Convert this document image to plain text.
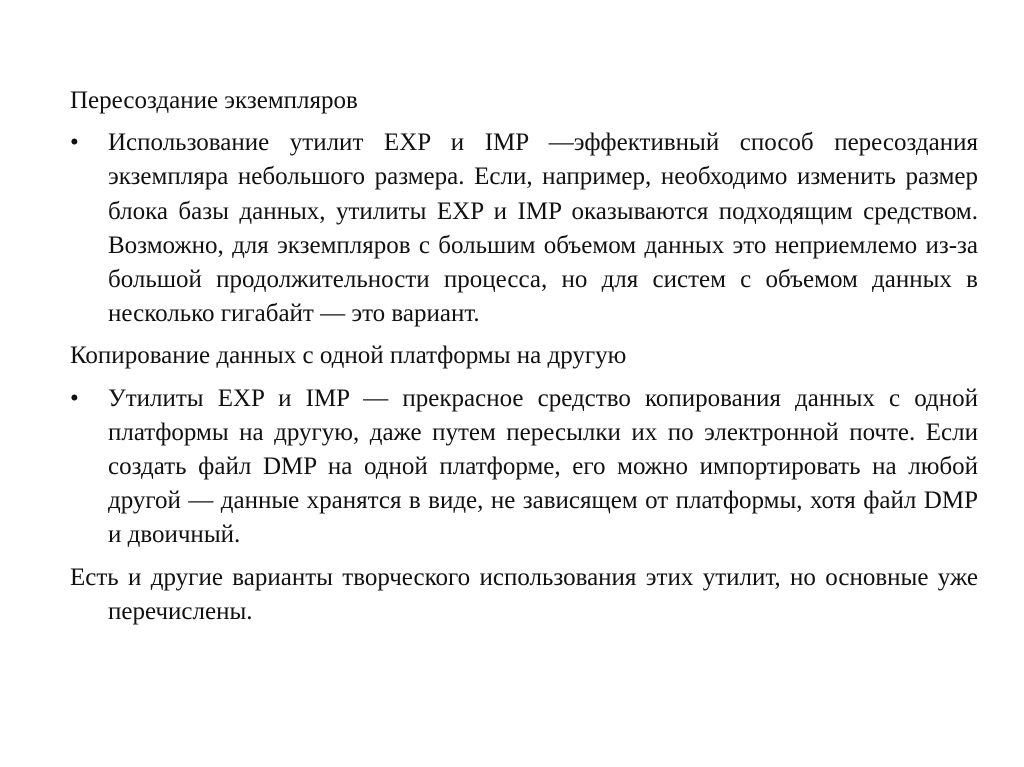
Пересоздание экземпляров

•	Использование утилит EXP и IMP —эффективный способ пересоздания экземпляра небольшого размера. Если, например, необходимо изменить размер блока базы данных, утилиты EXP и IMP оказываются подходящим средством. Возможно, для экземпляров с большим объемом данных это неприемлемо из-за большой продолжительности процесса, но для систем с объемом данных в несколько гигабайт — это вариант.

Копирование данных с одной платформы на другую

•	Утилиты EXP и IMP — прекрасное средство копирования данных с одной платформы на другую, даже путем пересылки их по электронной почте. Если создать файл DMP на одной платформе, его можно импортировать на любой другой — данные хранятся в виде, не зависящем от платформы, хотя файл DMP и двоичный.

Есть и другие варианты творческого использования этих утилит, но основные уже перечислены.
